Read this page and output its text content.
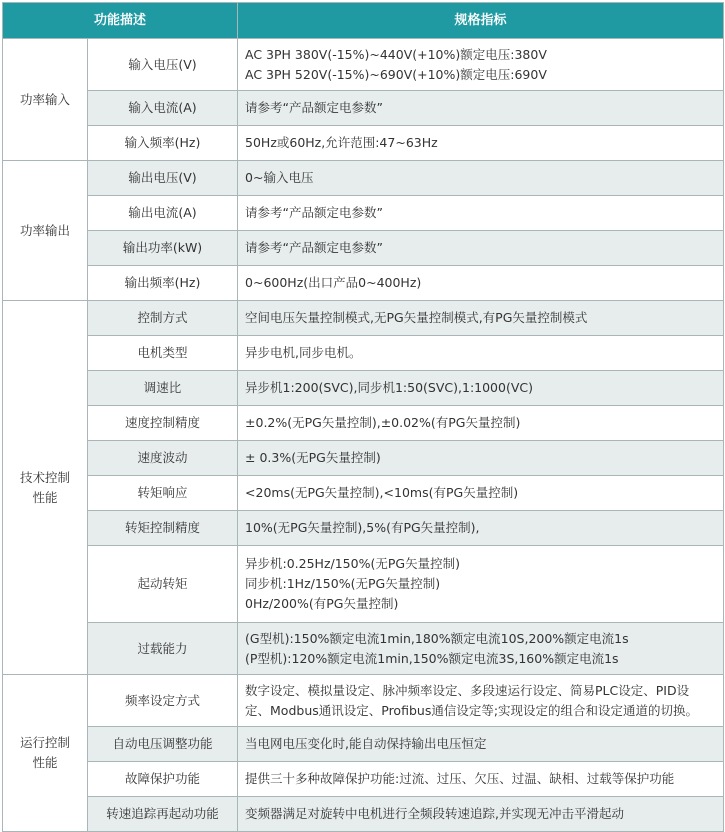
功能描述		规格指标
功率输入	输入电压(V)	AC 3PH 380V(-15%)~440V(+10%)额定电压:380V
AC 3PH 520V(-15%)~690V(+10%)额定电压:690V

	输入电流(A)	请参考“产品额定电参数”

	输入频率(Hz)	50Hz或60Hz,允许范围:47~63Hz

功率输出	输出电压(V)	0~输入电压

	输出电流(A)	请参考“产品额定电参数”

	输出功率(kW)	请参考“产品额定电参数”

	输出频率(Hz)	0~600Hz(出口产品0~400Hz)

技术控制
性能	控制方式	空间电压矢量控制模式,无PG矢量控制模式,有PG矢量控制模式

	电机类型	异步电机,同步电机。

	调速比	异步机1:200(SVC),同步机1:50(SVC),1:1000(VC)

	速度控制精度	±0.2%(无PG矢量控制),±0.02%(有PG矢量控制)

	速度波动	± 0.3%(无PG矢量控制)

	转矩响应	<20ms(无PG矢量控制),<10ms(有PG矢量控制)

	转矩控制精度	10%(无PG矢量控制),5%(有PG矢量控制),

	起动转矩	异步机:0.25Hz/150%(无PG矢量控制)
同步机:1Hz/150%(无PG矢量控制)
0Hz/200%(有PG矢量控制)

	过载能力	(G型机):150%额定电流1min,180%额定电流10S,200%额定电流1s
(P型机):120%额定电流1min,150%额定电流3S,160%额定电流1s

运行控制
性能	频率设定方式	数字设定、模拟量设定、脉冲频率设定、多段速运行设定、简易PLC设定、PID设
定、Modbus通讯设定、Profibus通信设定等;实现设定的组合和设定通道的切换。

	自动电压调整功能	当电网电压变化时,能自动保持输出电压恒定

	故障保护功能	提供三十多种故障保护功能:过流、过压、欠压、过温、缺相、过载等保护功能

	转速追踪再起动功能	变频器满足对旋转中电机进行全频段转速追踪,并实现无冲击平滑起动
